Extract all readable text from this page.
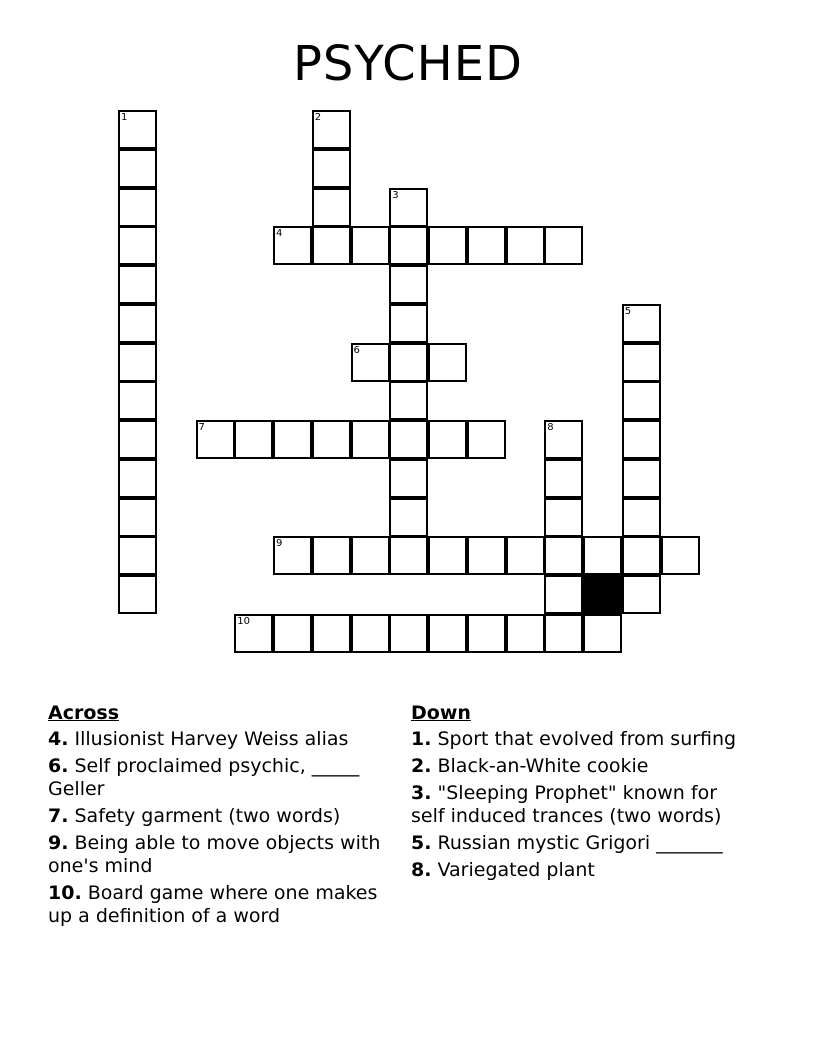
PSYCHED
1	2
3
4
6
7	8
5
9
10
Across
4. Illusionist Harvey Weiss alias
6. Self proclaimed psychic, _____ Geller
7. Safety garment (two words)
9. Being able to move objects with one's mind
10. Board game where one makes up a definition of a word
Down
1. Sport that evolved from surfing
2. Black-an-White cookie
3. "Sleeping Prophet" known for self induced trances (two words)
5. Russian mystic Grigori _______
8. Variegated plant
